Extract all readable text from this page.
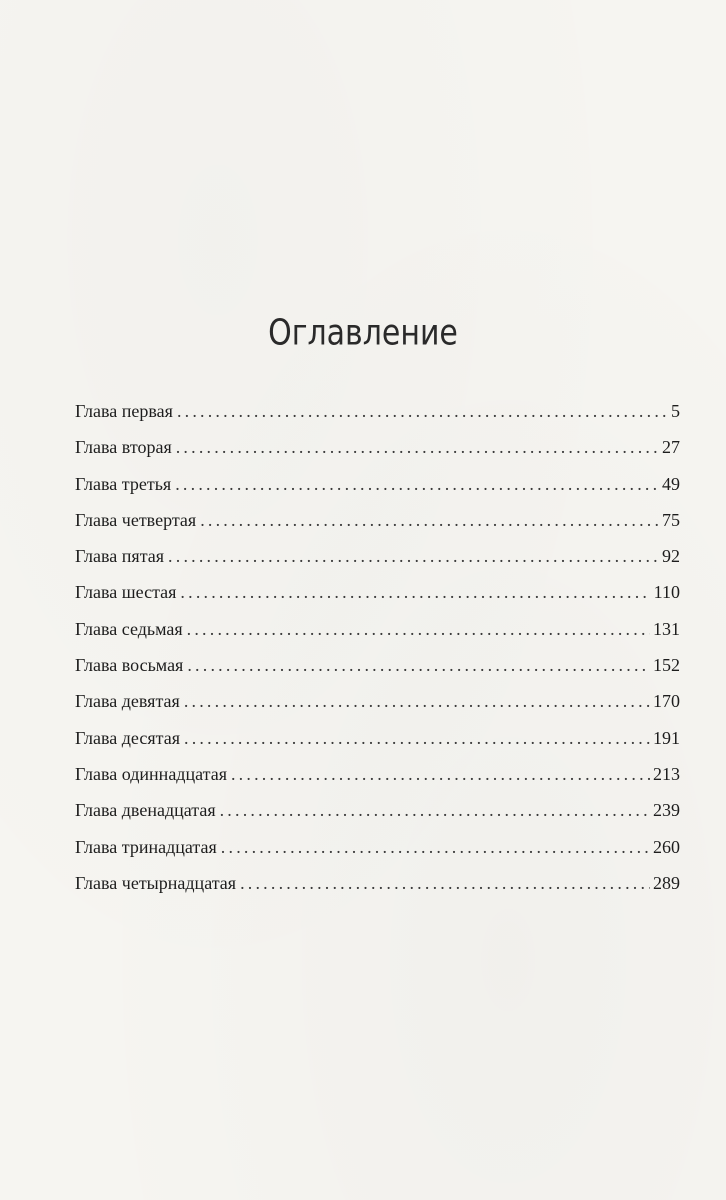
Оглавление
Глава первая .....	5
Глава вторая .....	27
Глава третья .....	49
Глава четвертая .....	75
Глава пятая .....	92
Глава шестая .....	110
Глава седьмая .....	131
Глава восьмая .....	152
Глава девятая .....	170
Глава десятая .....	191
Глава одиннадцатая .....	213
Глава двенадцатая .....	239
Глава тринадцатая .....	260
Глава четырнадцатая .....	289
